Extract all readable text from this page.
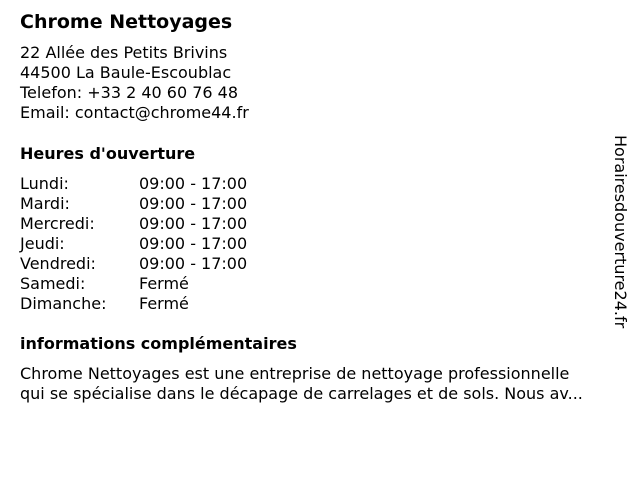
Chrome Nettoyages
22 Allée des Petits Brivins
44500 La Baule-Escoublac
Telefon: +33 2 40 60 76 48
Email: contact@chrome44.fr
Heures d'ouverture
Lundi:	09:00 - 17:00
Mardi:	09:00 - 17:00
Mercredi:	09:00 - 17:00
Jeudi:	09:00 - 17:00
Vendredi:	09:00 - 17:00
Samedi:	Fermé
Dimanche: Fermé
informations complémentaires
Chrome Nettoyages est une entreprise de nettoyage professionnelle
qui se spécialise dans le décapage de carrelages et de sols. Nous av...
Horairesdouverture24.fr
